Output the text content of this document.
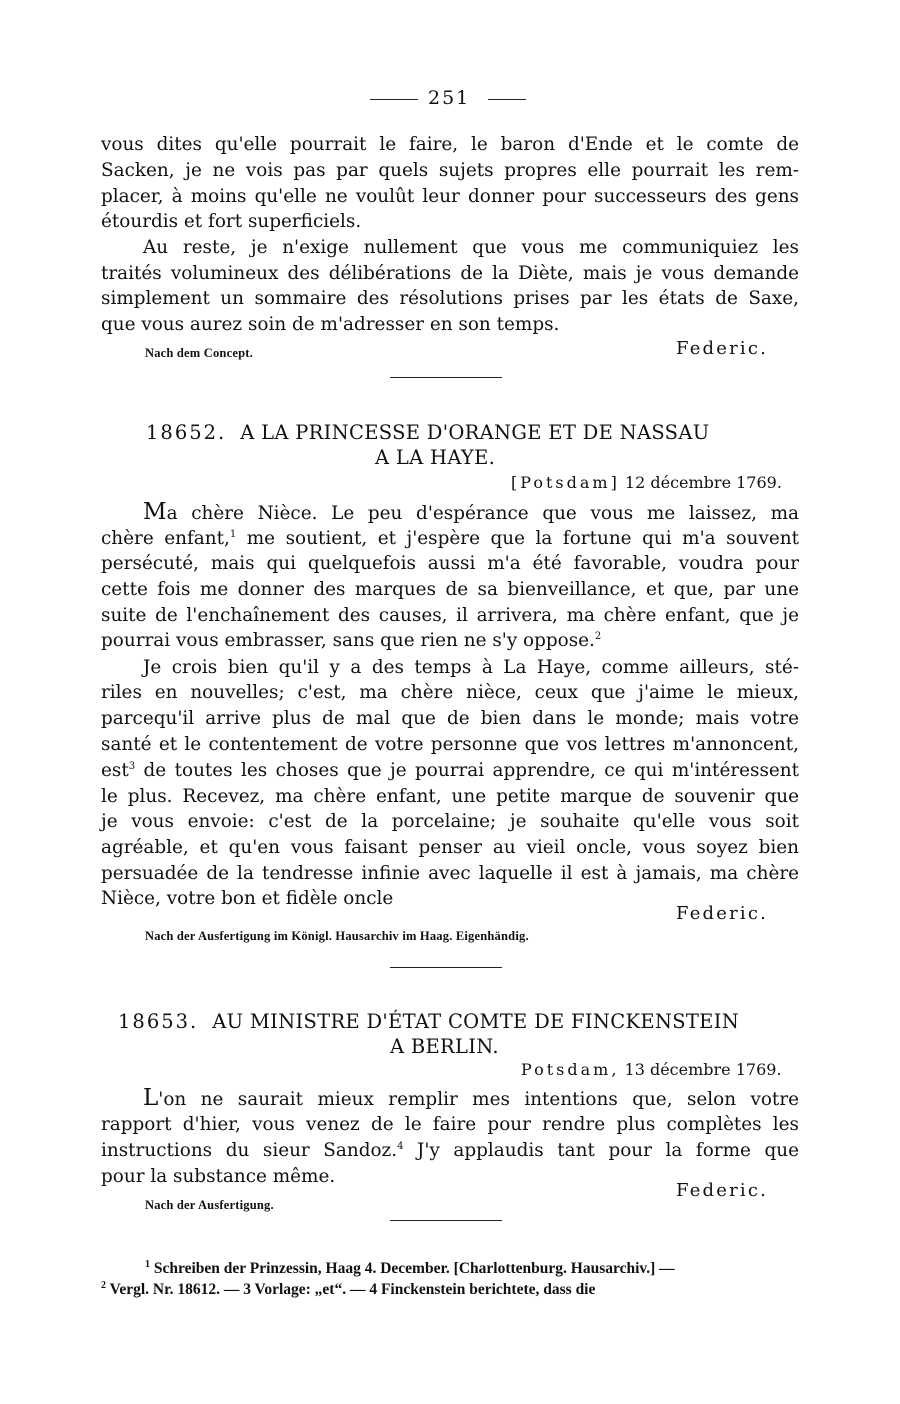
251
vous dites qu'elle pourrait le faire, le baron d'Ende et le comte de
Sacken, je ne vois pas par quels sujets propres elle pourrait les rem-
placer, à moins qu'elle ne voulût leur donner pour successeurs des gens
étourdis et fort superficiels.
Au reste, je n'exige nullement que vous me communiquiez les
traités volumineux des délibérations de la Diète, mais je vous demande
simplement un sommaire des résolutions prises par les états de Saxe,
que vous aurez soin de m'adresser en son temps.
Nach dem Concept.	Federic.
18652. A LA PRINCESSE D'ORANGE ET DE NASSAU
A LA HAYE.
[Potsdam] 12 décembre 1769.
Ma chère Nièce. Le peu d'espérance que vous me laissez, ma
chère enfant,$^1$ me soutient, et j'espère que la fortune qui m'a souvent
persécuté, mais qui quelquefois aussi m'a été favorable, voudra pour
cette fois me donner des marques de sa bienveillance, et que, par une
suite de l'enchaînement des causes, il arrivera, ma chère enfant, que je
pourrai vous embrasser, sans que rien ne s'y oppose.$^2$
Je crois bien qu'il y a des temps à La Haye, comme ailleurs, sté-
riles en nouvelles; c'est, ma chère nièce, ceux que j'aime le mieux,
parcequ'il arrive plus de mal que de bien dans le monde; mais votre
santé et le contentement de votre personne que vos lettres m'annoncent,
est$^3$ de toutes les choses que je pourrai apprendre, ce qui m'intéressent
le plus. Recevez, ma chère enfant, une petite marque de souvenir que
je vous envoie: c'est de la porcelaine; je souhaite qu'elle vous soit
agréable, et qu'en vous faisant penser au vieil oncle, vous soyez bien
persuadée de la tendresse infinie avec laquelle il est à jamais, ma chère
Nièce, votre bon et fidèle oncle
Federic.
Nach der Ausfertigung im Königl. Hausarchiv im Haag. Eigenhändig.
18653. AU MINISTRE D'ÉTAT COMTE DE FINCKENSTEIN
A BERLIN.
Potsdam, 13 décembre 1769.
L'on ne saurait mieux remplir mes intentions que, selon votre
rapport d'hier, vous venez de le faire pour rendre plus complètes les
instructions du sieur Sandoz.$^4$ J'y applaudis tant pour la forme que
pour la substance même.
Federic.
Nach der Ausfertigung.
$^1$ Schreiben der Prinzessin, Haag 4. December. [Charlottenburg. Hausarchiv.] —
$^2$ Vergl. Nr. 18612. — 3 Vorlage: „et“. — 4 Finckenstein berichtete, dass die
